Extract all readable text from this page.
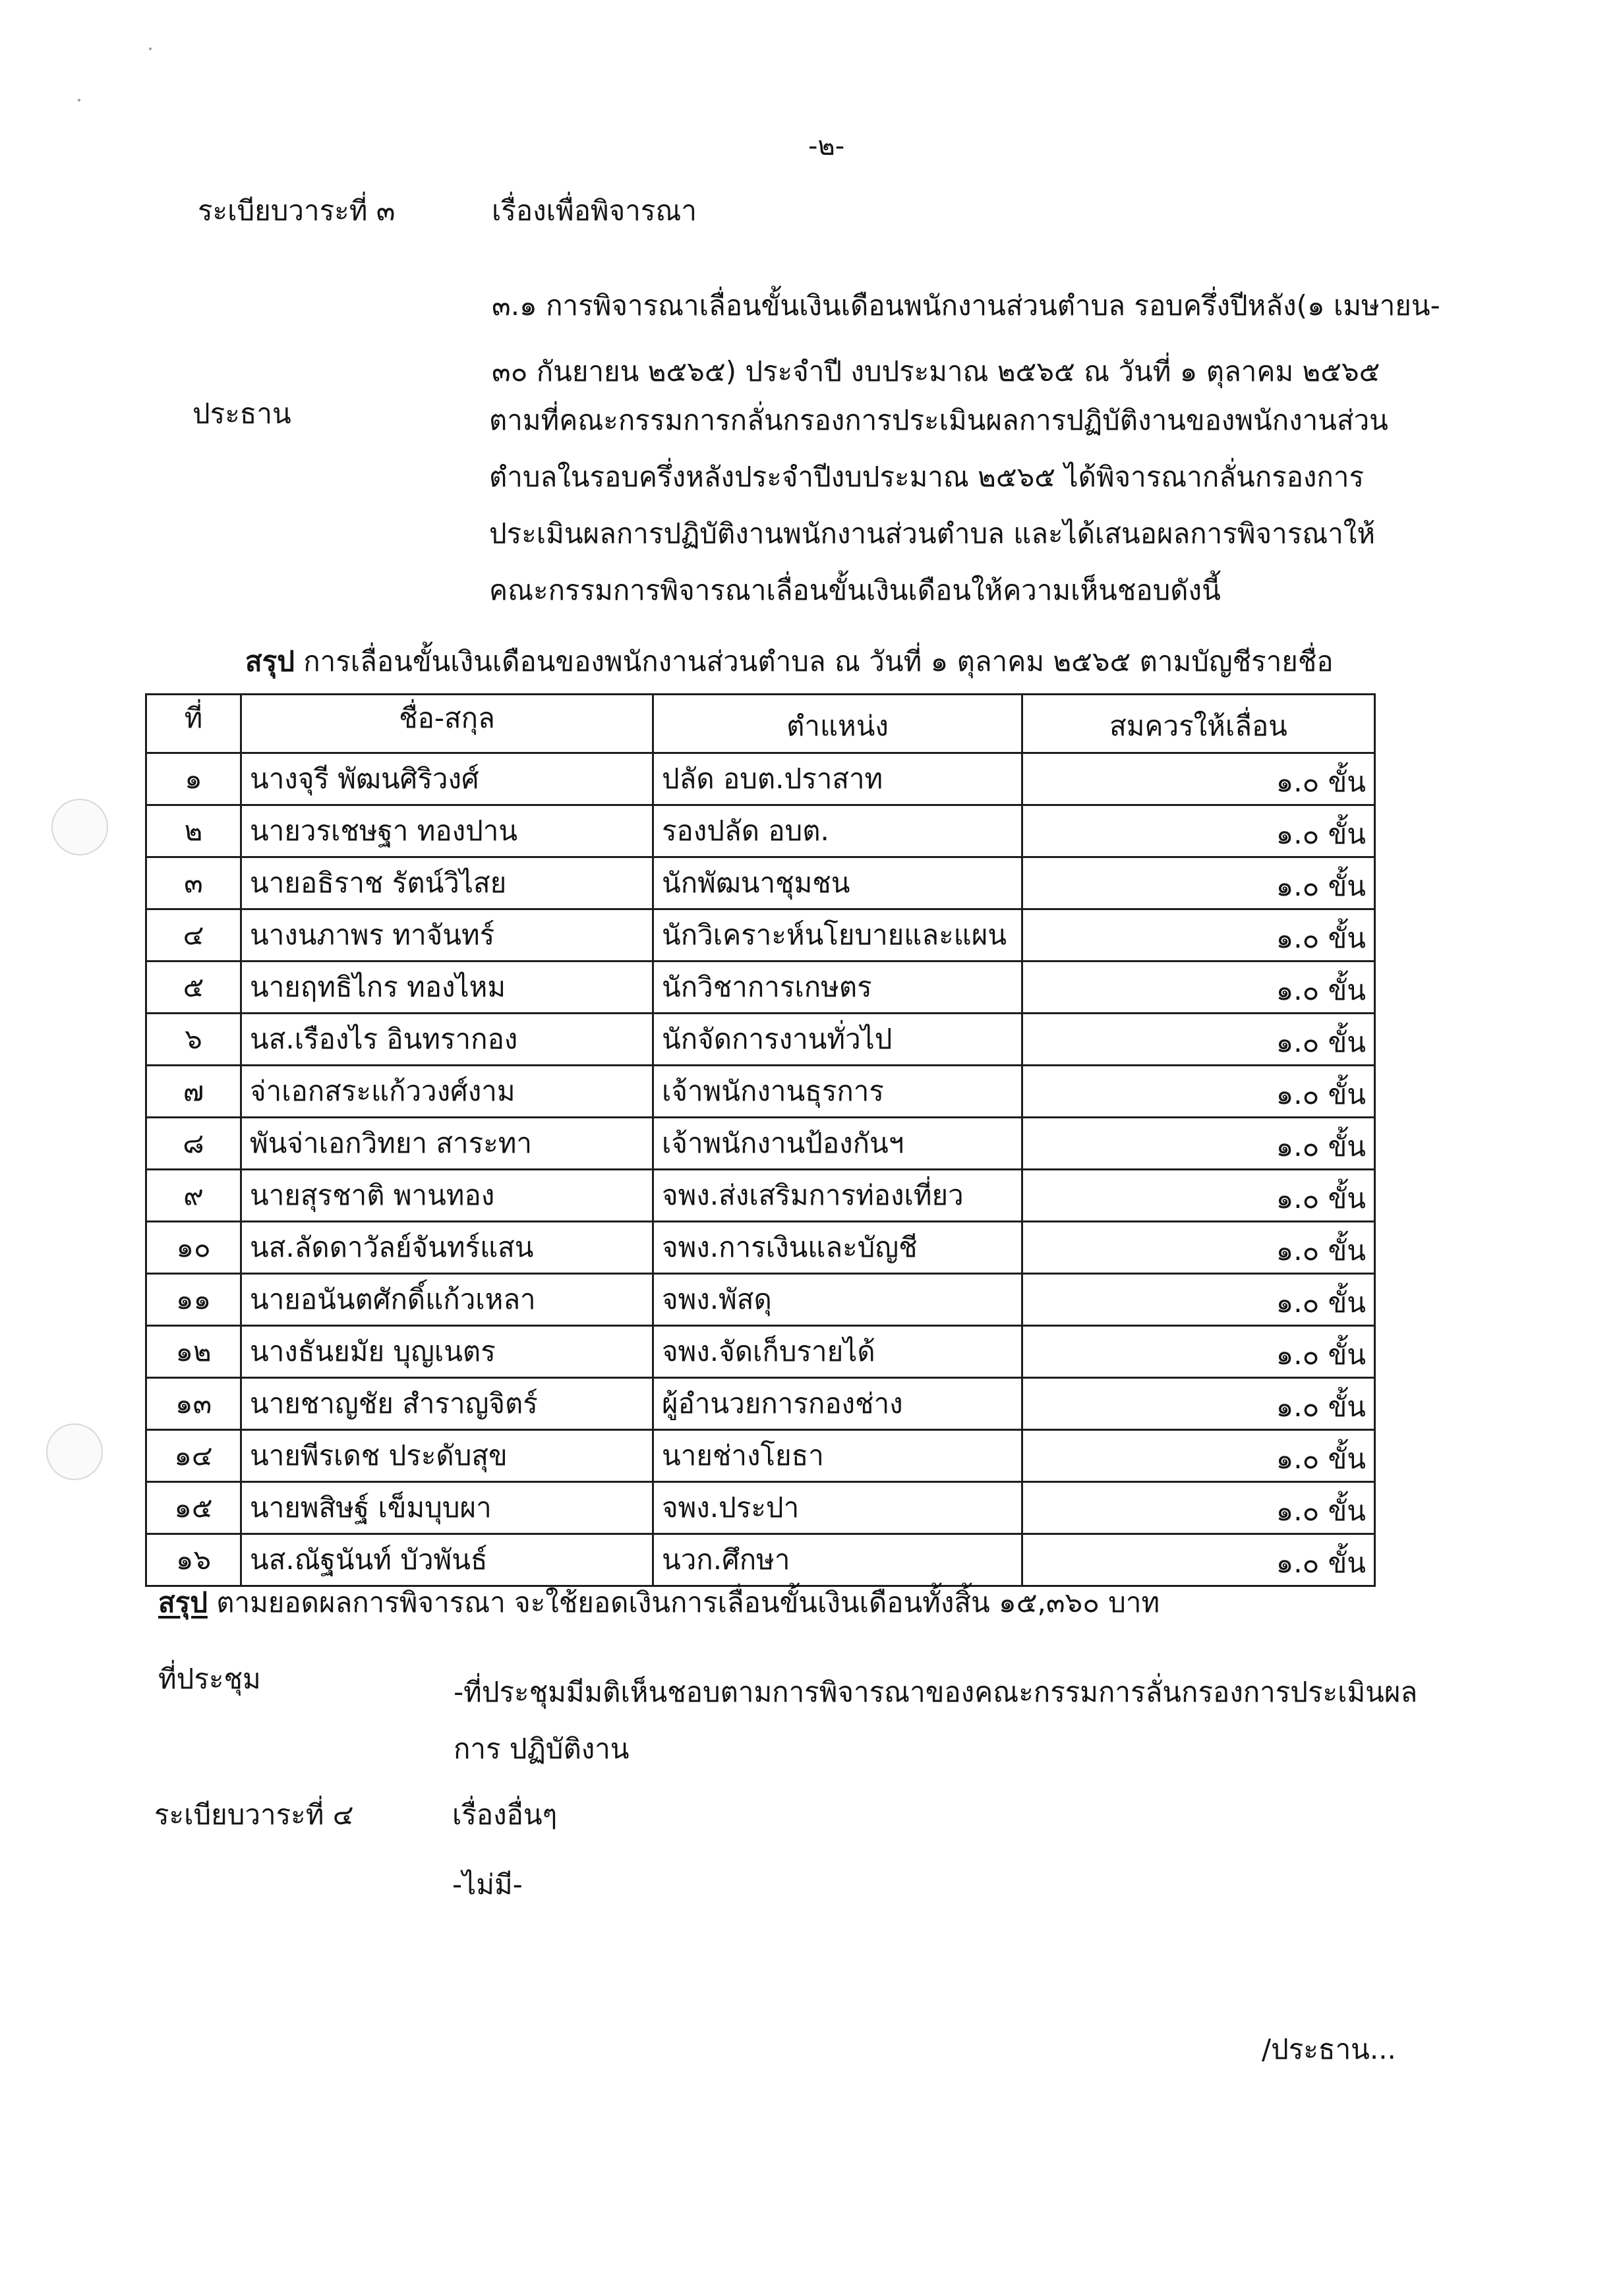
-๒-
ระเบียบวาระที่ ๓	เรื่องเพื่อพิจารณา
๓.๑ การพิจารณาเลื่อนขั้นเงินเดือนพนักงานส่วนตำบล รอบครึ่งปีหลัง(๑ เมษายน-
๓๐ กันยายน ๒๕๖๕) ประจำปี งบประมาณ ๒๕๖๕ ณ วันที่ ๑ ตุลาคม ๒๕๖๕
ประธาน	ตามที่คณะกรรมการกลั่นกรองการประเมินผลการปฏิบัติงานของพนักงานส่วน
ตำบลในรอบครึ่งหลังประจำปีงบประมาณ ๒๕๖๕ ได้พิจารณากลั่นกรองการ
ประเมินผลการปฏิบัติงานพนักงานส่วนตำบล และได้เสนอผลการพิจารณาให้
คณะกรรมการพิจารณาเลื่อนขั้นเงินเดือนให้ความเห็นชอบดังนี้
สรุป การเลื่อนขั้นเงินเดือนของพนักงานส่วนตำบล ณ วันที่ ๑ ตุลาคม ๒๕๖๕ ตามบัญชีรายชื่อ
ที่	ชื่อ-สกุล	ตำแหน่ง	สมควรให้เลื่อน
๑	นางจุรี พัฒนศิริวงศ์	ปลัด อบต.ปราสาท	๑.๐ ขั้น
๒	นายวรเชษฐา ทองปาน	รองปลัด อบต.	๑.๐ ขั้น
๓	นายอธิราช รัตน์วิไสย	นักพัฒนาชุมชน	๑.๐ ขั้น
๔	นางนภาพร ทาจันทร์	นักวิเคราะห์นโยบายและแผน	๑.๐ ขั้น
๕	นายฤทธิไกร ทองไหม	นักวิชาการเกษตร	๑.๐ ขั้น
๖	นส.เรืองไร อินทรากอง	นักจัดการงานทั่วไป	๑.๐ ขั้น
๗	จ่าเอกสระแก้ววงศ์งาม	เจ้าพนักงานธุรการ	๑.๐ ขั้น
๘	พันจ่าเอกวิทยา สาระทา	เจ้าพนักงานป้องกันฯ	๑.๐ ขั้น
๙	นายสุรชาติ พานทอง	จพง.ส่งเสริมการท่องเที่ยว	๑.๐ ขั้น
๑๐	นส.ลัดดาวัลย์จันทร์แสน	จพง.การเงินและบัญชี	๑.๐ ขั้น
๑๑	นายอนันตศักดิ์แก้วเหลา	จพง.พัสดุ	๑.๐ ขั้น
๑๒	นางธันยมัย บุญเนตร	จพง.จัดเก็บรายได้	๑.๐ ขั้น
๑๓	นายชาญชัย สำราญจิตร์	ผู้อำนวยการกองช่าง	๑.๐ ขั้น
๑๔	นายพีรเดช ประดับสุข	นายช่างโยธา	๑.๐ ขั้น
๑๕	นายพสิษฐ์ เข็มบุบผา	จพง.ประปา	๑.๐ ขั้น
๑๖	นส.ณัฐนันท์ บัวพันธ์	นวก.ศึกษา	๑.๐ ขั้น
สรุป ตามยอดผลการพิจารณา จะใช้ยอดเงินการเลื่อนขั้นเงินเดือนทั้งสิ้น ๑๕,๓๖๐ บาท
ที่ประชุม	-ที่ประชุมมีมติเห็นชอบตามการพิจารณาของคณะกรรมการลั่นกรองการประเมินผล
การ ปฏิบัติงาน
ระเบียบวาระที่ ๔	เรื่องอื่นๆ
-ไม่มี-
/ประธาน...
